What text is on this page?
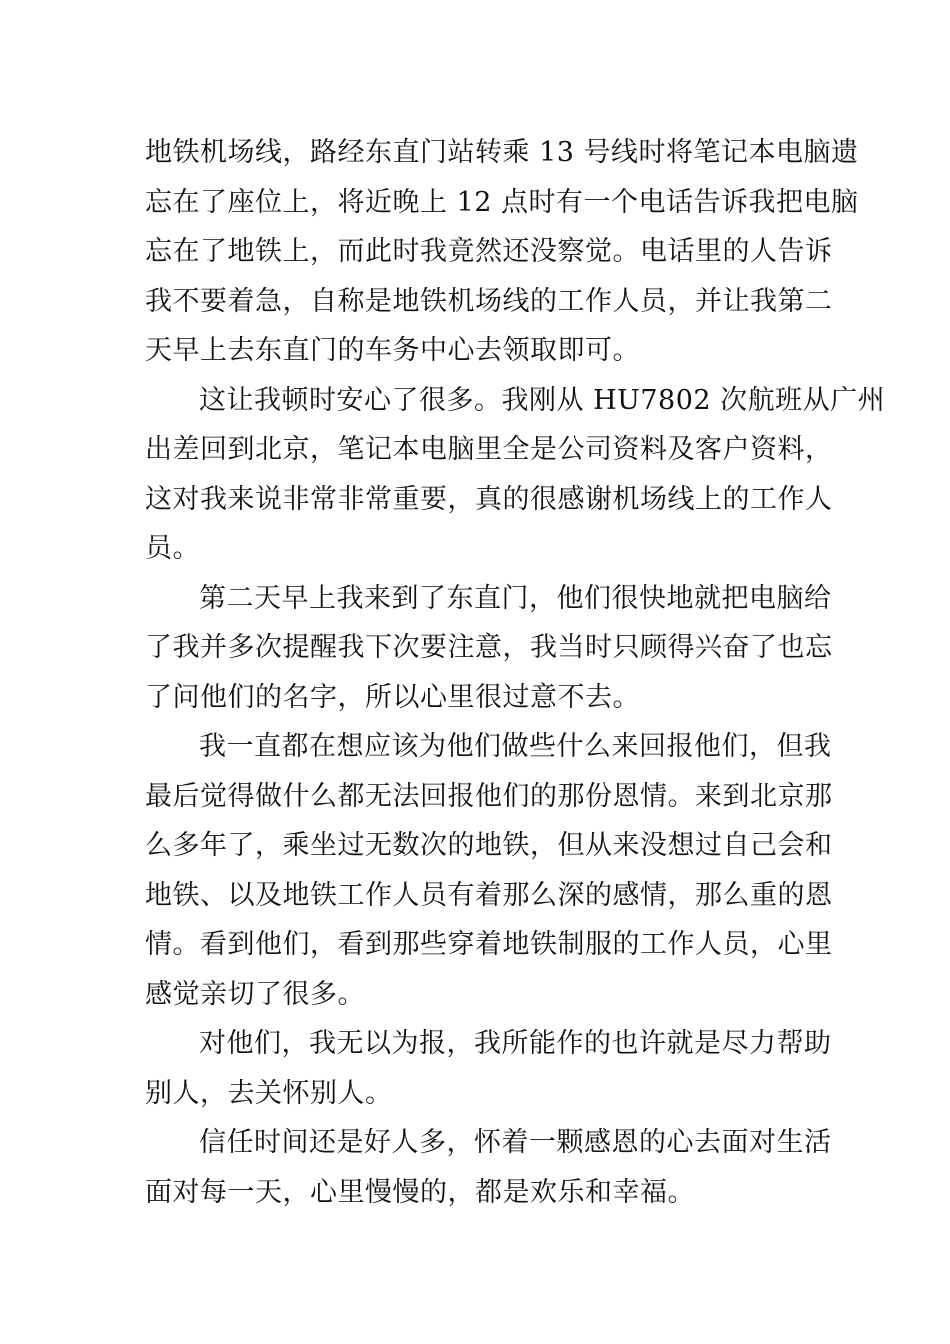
地铁机场线，路经东直门站转乘 13 号线时将笔记本电脑遗
忘在了座位上，将近晚上 12 点时有一个电话告诉我把电脑
忘在了地铁上，而此时我竟然还没察觉。电话里的人告诉
我不要着急，自称是地铁机场线的工作人员，并让我第二
天早上去东直门的车务中心去领取即可。
这让我顿时安心了很多。我刚从 HU7802 次航班从广州
出差回到北京，笔记本电脑里全是公司资料及客户资料，
这对我来说非常非常重要，真的很感谢机场线上的工作人
员。
第二天早上我来到了东直门，他们很快地就把电脑给
了我并多次提醒我下次要注意，我当时只顾得兴奋了也忘
了问他们的名字，所以心里很过意不去。
我一直都在想应该为他们做些什么来回报他们，但我
最后觉得做什么都无法回报他们的那份恩情。来到北京那
么多年了，乘坐过无数次的地铁，但从来没想过自己会和
地铁、以及地铁工作人员有着那么深的感情，那么重的恩
情。看到他们，看到那些穿着地铁制服的工作人员，心里
感觉亲切了很多。
对他们，我无以为报，我所能作的也许就是尽力帮助
别人，去关怀别人。
信任时间还是好人多，怀着一颗感恩的心去面对生活
面对每一天，心里慢慢的，都是欢乐和幸福。
